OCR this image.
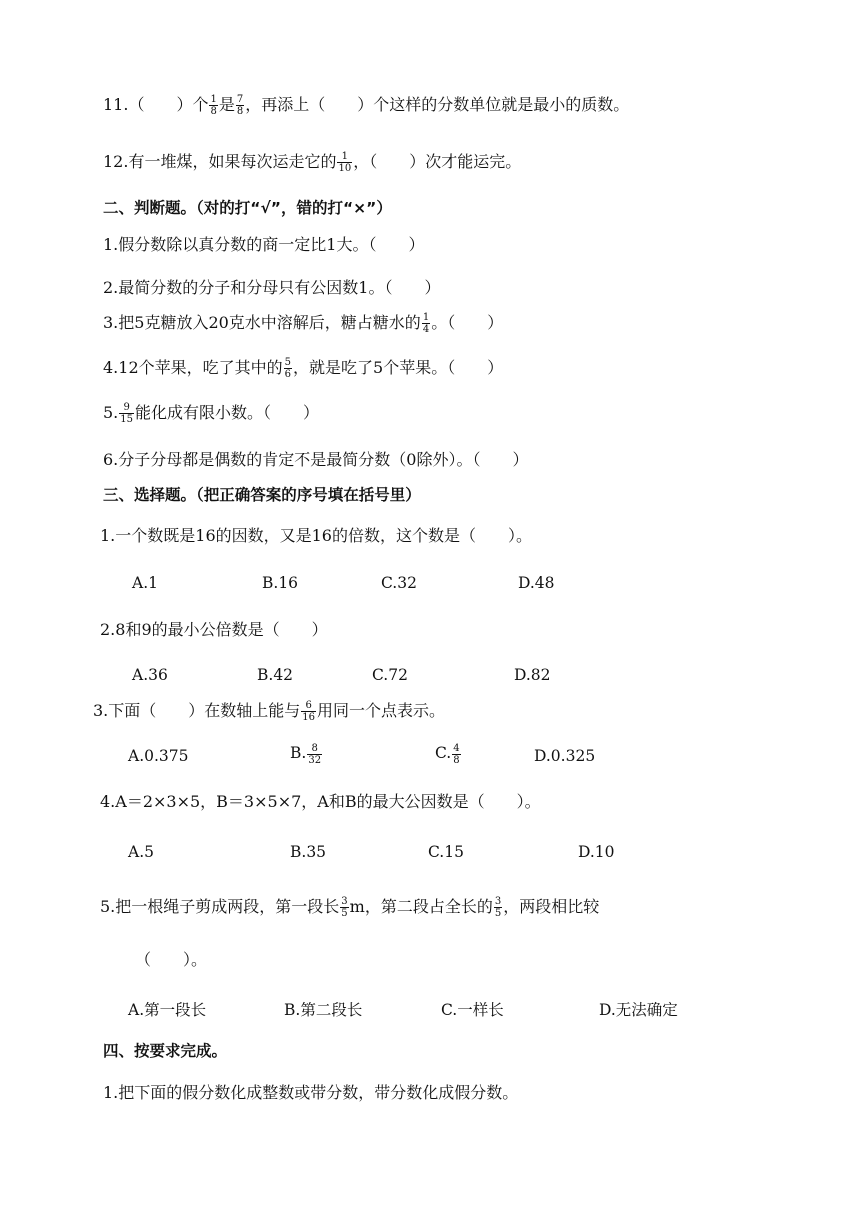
11.（　　）个 $\frac{1}{8}$ 是 $\frac{7}{8}$ ，再添上（　　）个这样的分数单位就是最小的质数。
12.有一堆煤，如果每次运走它的 $\frac{1}{10}$ ，（　　）次才能运完。
二、判断题。（对的打“√”，错的打“×”）
1.假分数除以真分数的商一定比1大。（　　）
2.最简分数的分子和分母只有公因数1。（　　）
3.把5克糖放入20克水中溶解后，糖占糖水的 $\frac{1}{4}$ 。（　　）
4.12个苹果，吃了其中的 $\frac{5}{6}$ ，就是吃了5个苹果。（　　）
5. $\frac{9}{15}$ 能化成有限小数。（　　）
6.分子分母都是偶数的肯定不是最简分数（0除外）。（　　）
三、选择题。（把正确答案的序号填在括号里）
1.一个数既是16的因数，又是16的倍数，这个数是（　　）。
A.1	B.16	C.32	D.48
2.8和9的最小公倍数是（　　）
A.36	B.42	C.72	D.82
3.下面（　　）在数轴上能与 $\frac{6}{16}$ 用同一个点表示。
A.0.375	B. $\frac{8}{32}$	C. $\frac{4}{8}$	D.0.325
4.A＝2×3×5，B＝3×5×7，A和B的最大公因数是（　　）。
A.5	B.35	C.15	D.10
5.把一根绳子剪成两段，第一段长 $\frac{3}{5}$ m，第二段占全长的 $\frac{3}{5}$ ，两段相比较
（　　）。
A.第一段长	B.第二段长	C.一样长	D.无法确定
四、按要求完成。
1.把下面的假分数化成整数或带分数，带分数化成假分数。
